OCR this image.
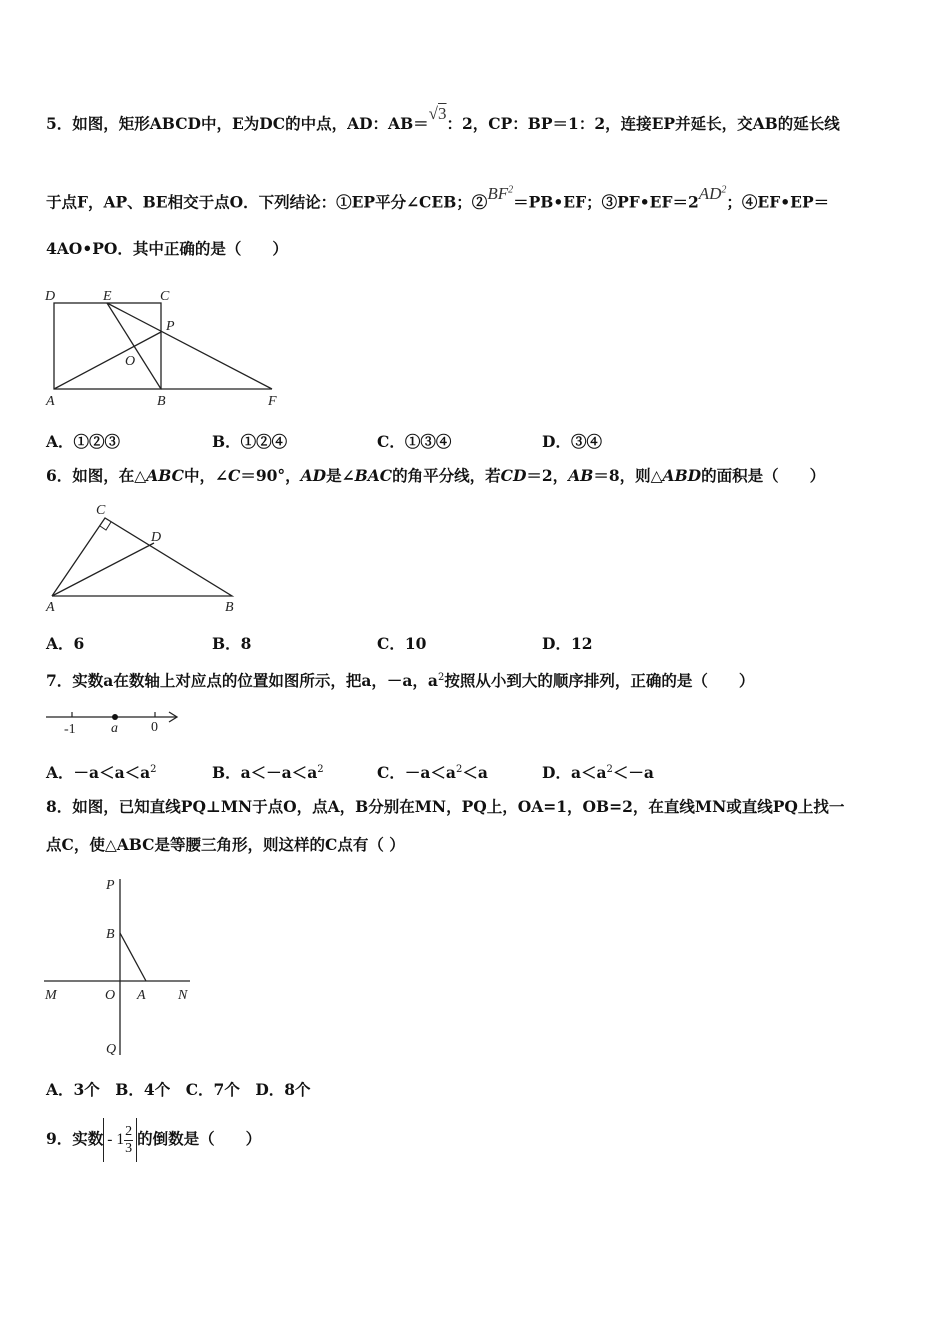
5．如图，矩形ABCD中，E为DC的中点，AD：AB＝√3：2，CP：BP＝1：2，连接EP并延长，交AB的延长线
于点F，AP、BE相交于点O．下列结论：①EP平分∠CEB；$②BF^2=PB•EF$；$③PF•EF=2AD^2$；④EF•EP＝
4AO•PO．其中正确的是（　　）
D	E	C
P
O
A	B	F
A．①②③	B．①②④	C．①③④	D．③④
6．如图，在△ABC中，∠C＝90°，AD是∠BAC的角平分线，若CD＝2，AB＝8，则△ABD的面积是（　　）
C
D
A	B
A．6	B．8	C．10	D．12
7．实数a在数轴上对应点的位置如图所示，把a，－a，$a^2$按照从小到大的顺序排列，正确的是（　　）
-1	a 0
A．$-a<a<a^2$	B．$a<-a<a^2$	C．$-a<a^2<a$	D．$a<a^2<-a$
8．如图，已知直线PQ⊥MN于点O，点A，B分别在MN，PQ上，OA=1，OB=2，在直线MN或直线PQ上找一
点C，使△ABC是等腰三角形，则这样的C点有（ ）
P
B
M	O A N
Q
A．3个　B．4个　C．7个　D．8个
9．实数 - $1 \frac{2}{3}$ 的倒数是（　　）
